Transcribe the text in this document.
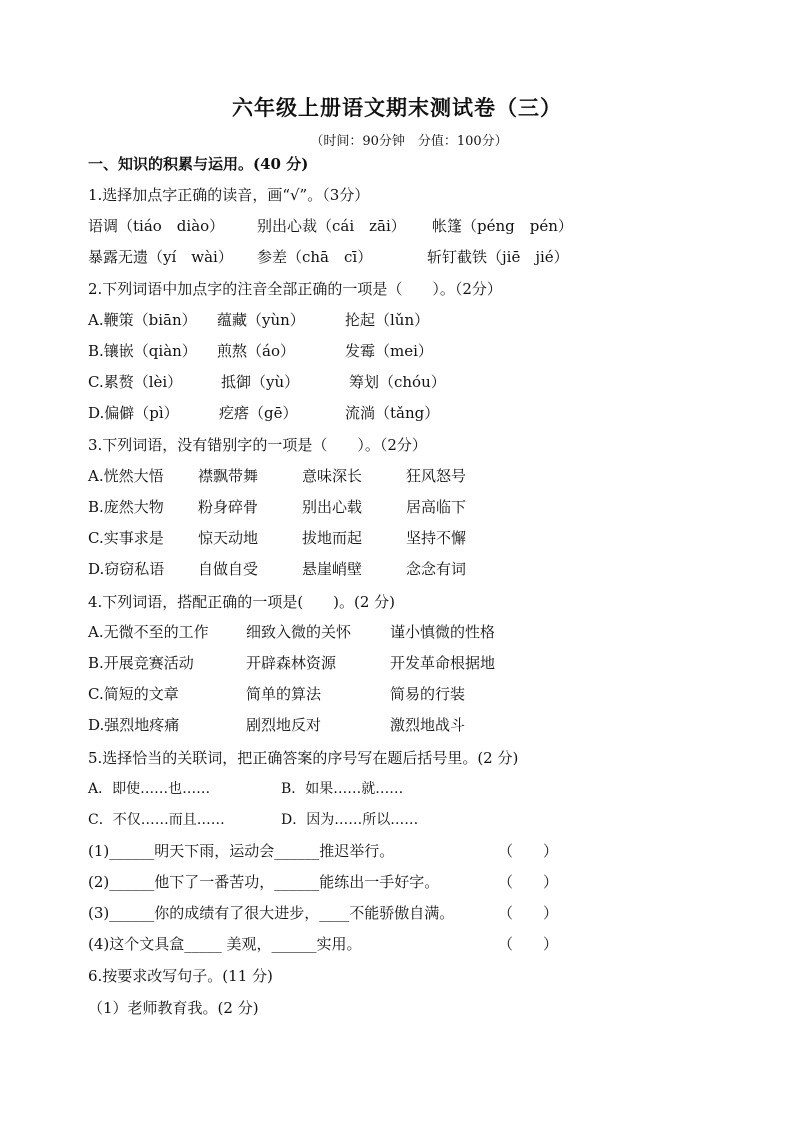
六年级上册语文期末测试卷（三）
（时间：90分钟　分值：100分）
一、知识的积累与运用。(40 分)
1.选择加点字正确的读音，画“√”。（3分）
语调（tiáo　diào） 别出心裁（cái　zāi） 帐篷（péng　pén）
暴露无遗（yí　wài） 参差（chā　cī）	斩钉截铁（jiē　jié）
2.下列词语中加点字的注音全部正确的一项是（　　）。（2分）
A.鞭策（biān） 蕴藏（yùn）	抡起（lǔn）
B.镶嵌（qiàn） 煎熬（áo）	发霉（mei）
C.累赘（lèi）	抵御（yù）	筹划（chóu）
D.偏僻（pì）	疙瘩（gē）	流淌（tǎng）
3.下列词语，没有错别字的一项是（　　）。（2分）
A.恍然大悟 襟飘带舞	意味深长	狂风怒号
B.庞然大物 粉身碎骨	别出心载	居高临下
C.实事求是 惊天动地	拔地而起	坚持不懈
D.窃窃私语 自做自受	悬崖峭壁	念念有词
4.下列词语，搭配正确的一项是(　　)。(2 分)
A.无微不至的工作 细致入微的关怀	谨小慎微的性格
B.开展竞赛活动	开辟森林资源	开发革命根据地
C.简短的文章	简单的算法	简易的行装
D.强烈地疼痛	剧烈地反对	激烈地战斗
5.选择恰当的关联词，把正确答案的序号写在题后括号里。(2 分)
A．即使……也……	B．如果……就……
C．不仅……而且……	D．因为……所以……
(1)______明天下雨，运动会______推迟举行。	（　　）
(2)______他下了一番苦功，______能练出一手好字。	（　　）
(3)______你的成绩有了很大进步，____不能骄傲自满。	（　　）
(4)这个文具盒_____ 美观，______实用。	（　　）
6.按要求改写句子。(11 分)
（1）老师教育我。(2 分)
